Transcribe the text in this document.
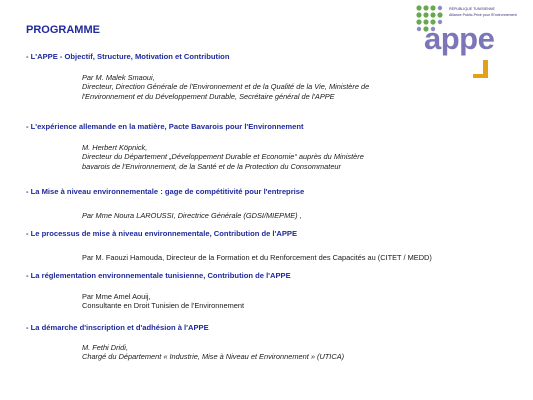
PROGRAMME
RÉPUBLIQUE TUNISIENNE
Alliance Public-Privé pour l'Environnement
appe
- L'APPE - Objectif, Structure, Motivation et Contribution
Par M. Malek Smaoui,
Directeur, Direction Générale de l'Environnement et de la Qualité de la Vie, Ministère de
l'Environnement et du Développement Durable, Secrétaire général de l'APPE
- L'expérience allemande en la matière, Pacte Bavarois pour l'Environnement
M. Herbert Köpnick,
Directeur du Département „Développement Durable et Economie“ auprès du Ministère
bavarois de l'Environnement, de la Santé et de la Protection du Consommateur
- La Mise à niveau environnementale : gage de compétitivité pour l'entreprise
Par Mme Noura LAROUSSI, Directrice Générale (GDSI/MIEPME) ,
- Le processus de mise à niveau environnementale, Contribution de l'APPE
Par M. Faouzi Hamouda, Directeur de la Formation et du Renforcement des Capacités au (CITET / MEDD)
- La réglementation environnementale tunisienne, Contribution de l'APPE
Par Mme Amel Aouij,
Consultante en Droit Tunisien de l'Environnement
- La démarche d'inscription et d'adhésion à l'APPE
M. Fethi Dridi,
Chargé du Département « Industrie, Mise à Niveau et Environnement » (UTICA)
